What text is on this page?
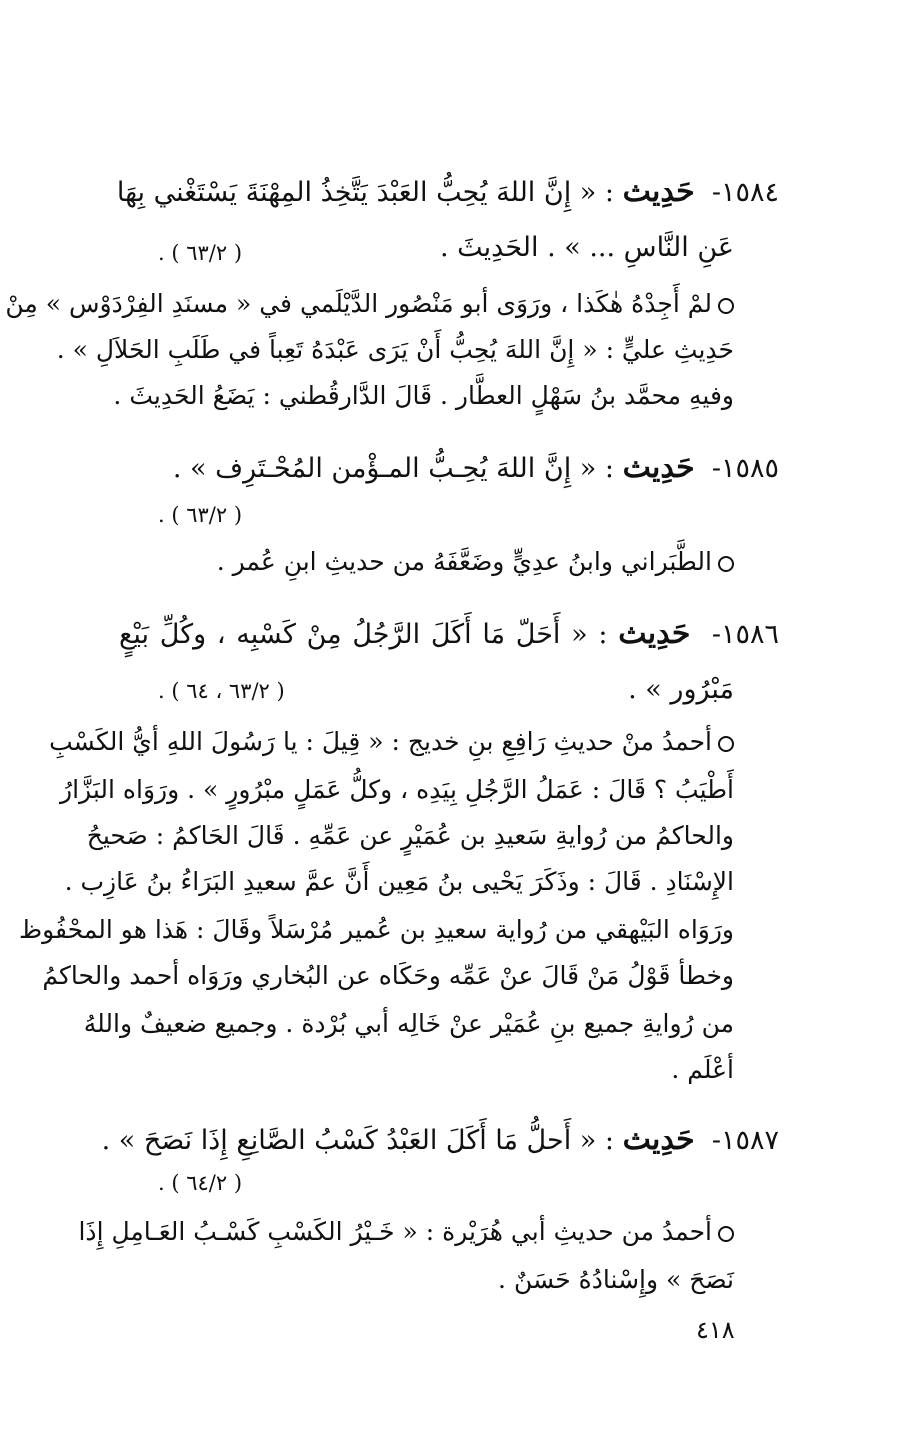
١٥٨٤-  حَدِيث : « إِنَّ اللهَ يُحِبُّ العَبْدَ يَتَّخِذُ المِهْنَةَ يَسْتَغْني بِهَا
عَنِ النَّاسِ ... » . الحَدِيثَ .
( ٦٣/٢ ) .
لمْ أَجِدْهُ هٰكَذا ، ورَوَى أبو مَنْصُور الدَّيْلَمي في « مسنَدِ الفِرْدَوْس » مِنْ
حَدِيثِ عليٍّ : « إِنَّ اللهَ يُحِبُّ أَنْ يَرَى عَبْدَهُ تَعِباً في طَلَبِ الحَلاَلِ » .
وفيهِ محمَّد بنُ سَهْلٍ العطَّار . قَالَ الدَّارقُطني : يَضَعُ الحَدِيثَ .
١٥٨٥-  حَدِيث : « إِنَّ اللهَ يُحِـبُّ المـؤْمن المُحْـتَرِف » .
( ٦٣/٢ ) .
الطَّبَراني وابنُ عدِيٍّ وضَعَّفَهُ من حديثِ ابنِ عُمر .
١٥٨٦-  حَدِيث : « أَحَلّ مَا أَكَلَ الرَّجُلُ مِنْ كَسْبِه ، وكُلِّ بَيْعٍ
مَبْرُور » .
( ٦٣/٢ ، ٦٤ ) .
أحمدُ منْ حديثِ رَافِعِ بنِ خديج : « قِيلَ : يا رَسُولَ اللهِ أيُّ الكَسْبِ
أَطْيَبُ ؟ قَالَ : عَمَلُ الرَّجُلِ بِيَدِه ، وكلُّ عَمَلٍ مبْرُورٍ » . ورَوَاه البَزَّارُ
والحاكمُ من رُوايةِ سَعيدِ بن عُمَيْرٍ عن عَمِّهِ . قَالَ الحَاكمُ : صَحيحُ
الإِسْنَادِ . قَالَ : وذَكَرَ يَحْيى بنُ مَعِين أَنَّ عمَّ سعيدِ البَرَاءُ بنُ عَازِب .
ورَوَاه البَيْهقي من رُواية سعيدِ بن عُمير مُرْسَلاً وقَالَ : هَذا هو المحْفُوظ
وخطأ قَوْلُ مَنْ قَالَ عنْ عَمِّه وحَكَاه عن البُخاري ورَوَاه أحمد والحاكمُ
من رُوايةِ جميع بنِ عُمَيْر عنْ خَالِه أبي بُرْدة . وجميع ضعيفٌ واللهُ
أعْلَم .
١٥٨٧-  حَدِيث : « أَحلُّ مَا أَكَلَ العَبْدُ كَسْبُ الصَّانِعِ إِذَا نَصَحَ » .
( ٦٤/٢ ) .
أحمدُ من حديثِ أبي هُرَيْرة : « خَـيْرُ الكَسْبِ كَسْـبُ العَـامِلِ إِذَا
نَصَحَ » وإِسْنادُهُ حَسَنٌ .
٤١٨
